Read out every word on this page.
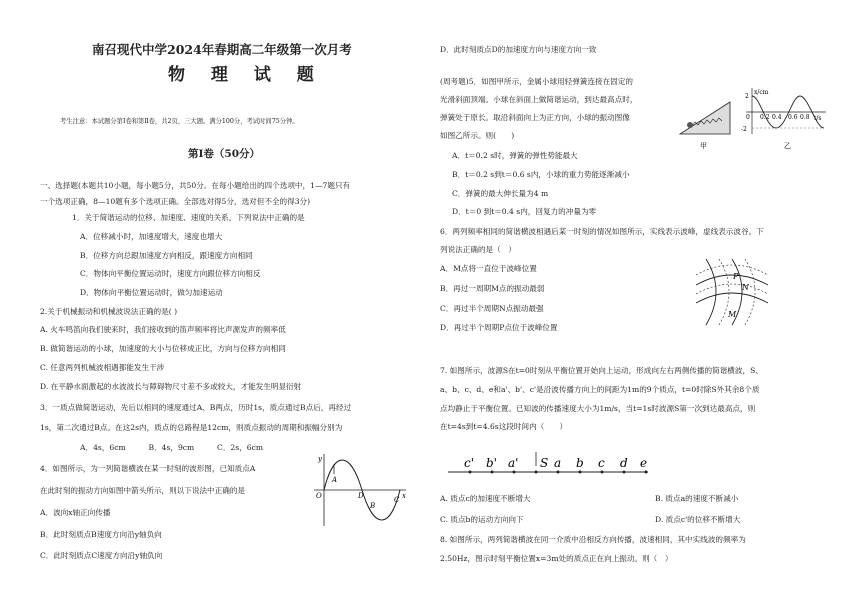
南召现代中学2024年春期高二年级第一次月考
物 理 试 题
考生注意：本试题分第Ⅰ卷和第Ⅱ卷，共2页，三大题。满分100分，考试时间75分钟。
第Ⅰ卷（50分）
一、选择题(本题共10小题，每小题5分，共50分。在每小题给出的四个选项中，1—7题只有
一个选项正确，8—10题有多个选项正确。全部选对得5分，选对但不全的得3分)
1．关于简谐运动的位移、加速度、速度的关系，下列说法中正确的是
A．位移减小时，加速度增大，速度也增大
B．位移方向总跟加速度方向相反，跟速度方向相同
C．物体向平衡位置运动时，速度方向跟位移方向相反
D．物体向平衡位置运动时，做匀加速运动
2.关于机械振动和机械波说法正确的是( )
A. 火车鸣笛向我们驶来时，我们接收到的笛声频率将比声源发声的频率低
B. 做简谐运动的小球，加速度的大小与位移成正比，方向与位移方向相同
C. 任意两列机械波相遇都能发生干涉
D. 在平静水面激起的水波波长与障碍物尺寸差不多或较大，才能发生明显衍射
3．一质点做简谐运动，先后以相同的速度通过A、B两点，历时1s，质点通过B点后，再经过
1s，第二次通过B点。在这2s内，质点的总路程是12cm，则质点振动的周期和振幅分别为
A．4s，6cm　　　B．4s，9cm　　　C．2s，6cm
4．如图所示，为一列简谐横波在某一时刻的波形图，已知质点A
在此时刻的振动方向如图中箭头所示，则以下说法中正确的是
A．波向x轴正向传播
B．此时刻质点B速度方向沿y轴负向
C．此时刻质点C速度方向沿y轴负向
y
x
O
A
B
C
D
D．此时刻质点D的加速度方向与速度方向一致
(周考题)5．如图甲所示，金属小球用轻弹簧连接在固定的
光滑斜面顶端。小球在斜面上做简谐运动，到达最高点时，
弹簧处于原长。取沿斜面向上为正方向，小球的振动图像
如图乙所示。则(　　)
A．t＝0.2 s时，弹簧的弹性势能最大
B．t＝0.2 s到t＝0.6 s内，小球的重力势能逐渐减小
C．弹簧的最大伸长量为4 m
D．t＝0 到t＝0.4 s内，回复力的冲量为零
6．两列频率相同的简谐横波相遇后某一时刻的情况如图所示，实线表示波峰，虚线表示波谷。下
列说法正确的是（　）
A．M点将一直位于波峰位置
B．再过一周期M点的振动最弱
C．再过半个周期N点振动最强
D．再过半个周期P点位于波峰位置
7. 如图所示，波源S在t=0时刻从平衡位置开始向上运动，形成向左右两侧传播的简谐横波，S、
a、b、c、d、e和a'、b'、c'是沿波传播方向上的间距为1m的9个质点，t=0时除S外其余8个质
点均静止于平衡位置。已知波的传播速度大小为1m/s，当t=1s时波源S第一次到达最高点，则
在t=4s到t=4.6s这段时间内（　　）
A. 质点c的加速度不断增大	B. 质点a的速度不断减小
C. 质点b的运动方向向下	D. 质点c'的位移不断增大
8. 如图所示，两列简谐横波在同一介质中沿相反方向传播，波速相同，其中实线波的频率为
2.50Hz，图示时刻平衡位置x=3m处的质点正在向上振动。则（　）
甲
x/cm
t/s
2
-2
0 0.2 0.4 0.6 0.8
乙
P
N
M
c' b' a' S a b c d e
